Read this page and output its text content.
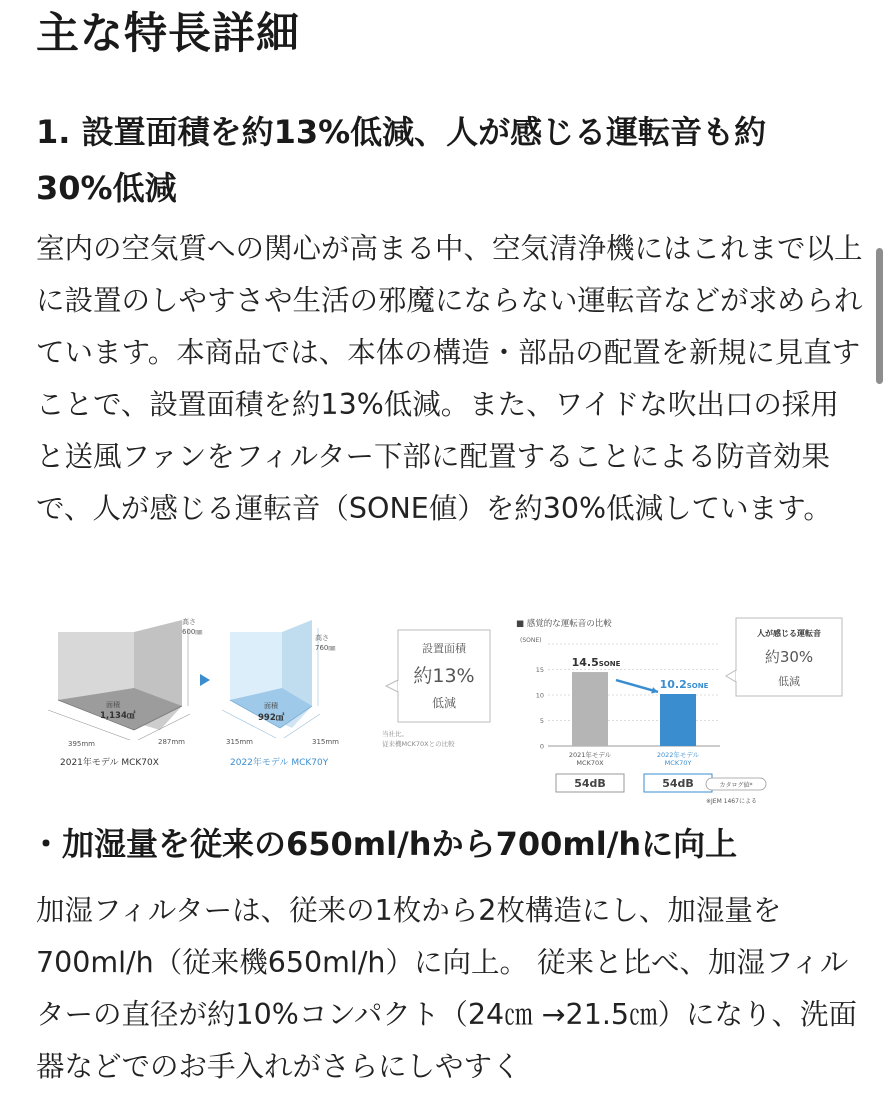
主な特長詳細
1. 設置面積を約13%低減、人が感じる運転音も約30%低減

室内の空気質への関心が高まる中、空気清浄機にはこれまで以上に設置のしやすさや生活の邪魔にならない運転音などが求められています。本商品では、本体の構造・部品の配置を新規に見直すことで、設置面積を約13%低減。また、ワイドな吹出口の採用と送風ファンをフィルター下部に配置することによる防音効果で、人が感じる運転音（SONE値）を約30%低減しています。

高さ
600㎜
面積
1,134㎠
395mm	287mm
2021年モデル MCK70X
高さ
760㎜
面積
992㎠
315mm	315mm
2022年モデル MCK70Y
設置面積
約13%
低減
当社比。
従来機MCK70Xとの比較
■ 感覚的な運転音の比較
(SONE)
15
10
5
0
14.5SONE
2021年モデル
MCK70X
54dB
10.2SONE
2022年モデル
MCK70Y
54dB
人が感じる運転音
約30%
低減
カタログ値*
※JEM 1467による
・加湿量を従来の650ml/hから700ml/hに向上

加湿フィルターは、従来の1枚から2枚構造にし、加湿量を700ml/h（従来機650ml/h）に向上。 従来と比べ、加湿フィルターの直径が約10%コンパクト（24㎝ →21.5㎝）になり、洗面器などでのお手入れがさらにしやすく
